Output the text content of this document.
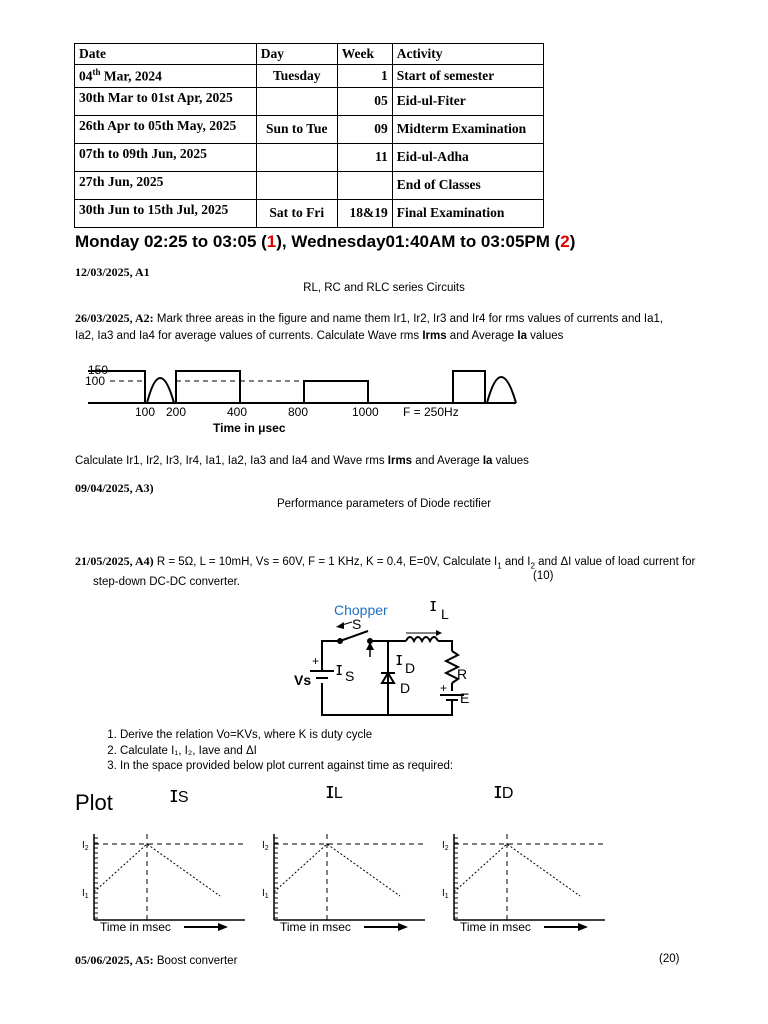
Date	Day	Week	Activity
04th Mar, 2024	Tuesday	1	Start of semester
30th Mar to 01st Apr, 2025		05	Eid-ul-Fiter
26th Apr to 05th May, 2025	Sun to Tue	09	Midterm Examination
07th to 09th Jun, 2025		11	Eid-ul-Adha
27th Jun, 2025			End of Classes
30th Jun to 15th Jul, 2025	Sat to Fri	18&19	Final Examination
Monday 02:25 to 03:05 (1), Wednesday01:40AM to 03:05PM (2)
12/03/2025, A1
RL, RC and RLC series Circuits
26/03/2025, A2: Mark three areas in the figure and name them Ir1, Ir2, Ir3 and Ir4 for rms values of currents and Ia1,
Ia2, Ia3 and Ia4 for average values of currents. Calculate Wave rms Irms and Average Ia values
150
100
100 200	400	800	1000 F = 250Hz
Time in μsec
Calculate Ir1, Ir2, Ir3, Ir4, Ia1, Ia2, Ia3 and Ia4 and Wave rms Irms and Average Ia values
09/04/2025, A3)
Performance parameters of Diode rectifier
21/05/2025, A4) R = 5Ω, L = 10mH, Vs = 60V, F = 1 KHz, K = 0.4, E=0V, Calculate $I_1$ and $I_2$ and ΔI value of load current for
step-down DC-DC converter.
(10)
Chopper
S
ɪ L
ɪ S
ɪ D
D
R
E
+
Vs
+
1. Derive the relation Vo=KVs, where K is duty cycle
2. Calculate I₁, I₂, Iave and ΔI
3. In the space provided below plot current against time as required:
Plot	ɪS	ɪL	ɪD
$I_2$
$I_1$
Time in msec
$I_2$
$I_1$
Time in msec
$I_2$
$I_1$
Time in msec
05/06/2025, A5: Boost converter	(20)
